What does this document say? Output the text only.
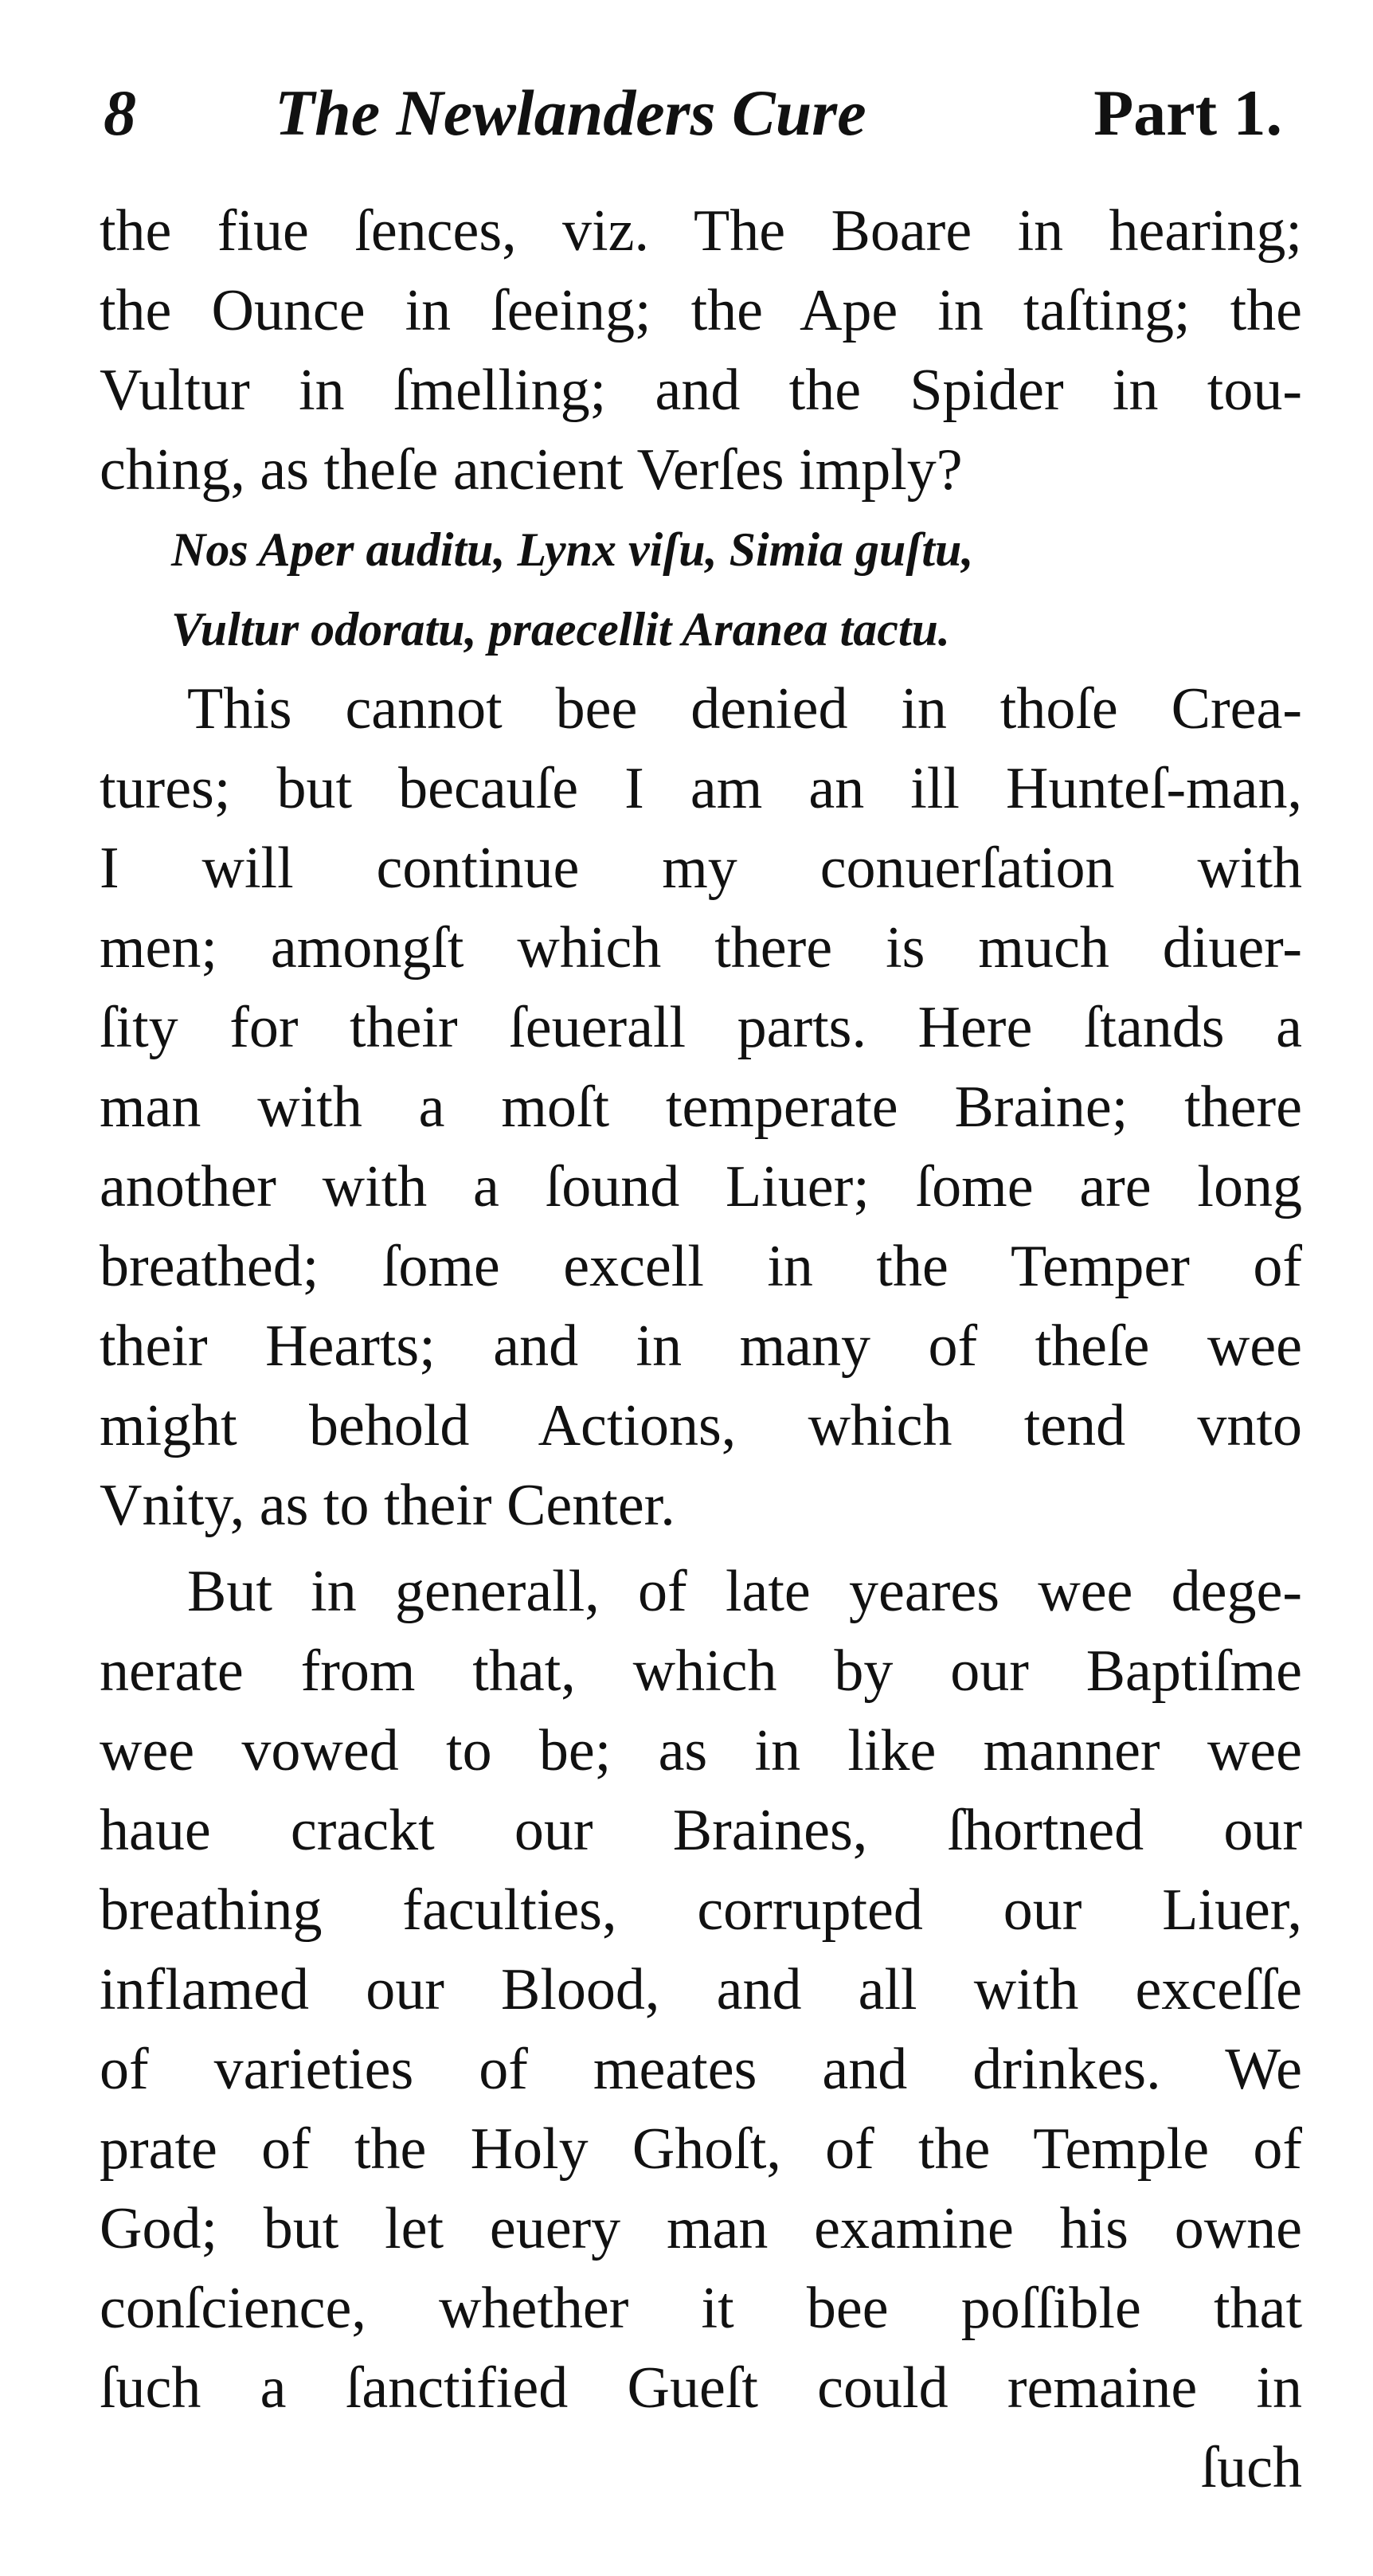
8 The Newlanders Cure	Part 1.
the fiue ſences, viz. The Boare in hearing;
the Ounce in ſeeing; the Ape in taſting; the
Vultur in ſmelling; and the Spider in tou-
ching, as theſe ancient Verſes imply?
Nos Aper auditu, Lynx viſu, Simia guſtu,
Vultur odoratu, praecellit Aranea tactu.
This cannot bee denied in thoſe Crea-
tures; but becauſe I am an ill Hunteſ-man,
I will continue my conuerſation with
men; amongſt which there is much diuer-
ſity for their ſeuerall parts. Here ſtands a
man with a moſt temperate Braine; there
another with a ſound Liuer; ſome are long
breathed; ſome excell in the Temper of
their Hearts; and in many of theſe wee
might behold Actions, which tend vnto
Vnity, as to their Center.
But in generall, of late yeares wee dege-
nerate from that, which by our Baptiſme
wee vowed to be; as in like manner wee
haue crackt our Braines, ſhortned our
breathing faculties, corrupted our Liuer,
inflamed our Blood, and all with exceſſe
of varieties of meates and drinkes. We
prate of the Holy Ghoſt, of the Temple of
God; but let euery man examine his owne
conſcience, whether it bee poſſible that
ſuch a ſanctified Gueſt could remaine in
ſuch
